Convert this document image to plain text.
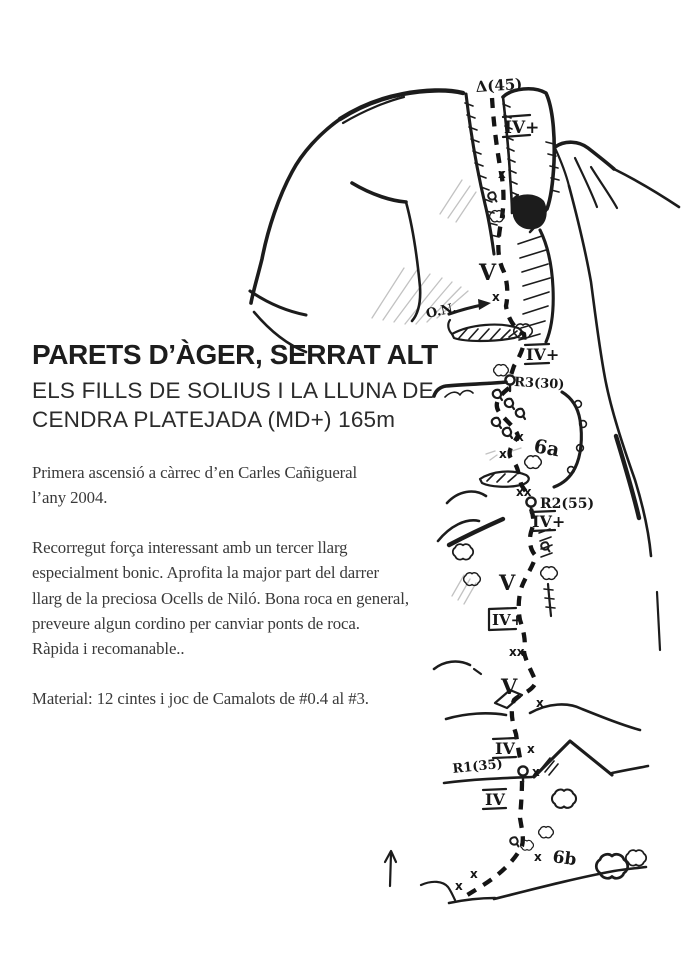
PARETS D’ÀGER, SERRAT ALT
ELS FILLS DE SOLIUS I LA LLUNA DE
CENDRA PLATEJADA (MD+) 165m

Primera ascensió a càrrec d’en Carles Cañigueral
l’any 2004.

Recorregut força interessant amb un tercer llarg
especialment bonic. Aprofita la major part del darrer
llarg de la preciosa Ocells de Niló. Bona roca en general,
preveure algun cordino per canviar ponts de roca.
Ràpida i recomanable..

Material: 12 cintes i joc de Camalots de #0.4 al #3.

Δ(45)
IV+
V
O.N.
IV+
R3(30)
6a
R2(55)
IV+
V
IV+
V
IV
R1(35)
IV
6b
x
x
x
x
x
x
x
x
x
x
xx
xx
